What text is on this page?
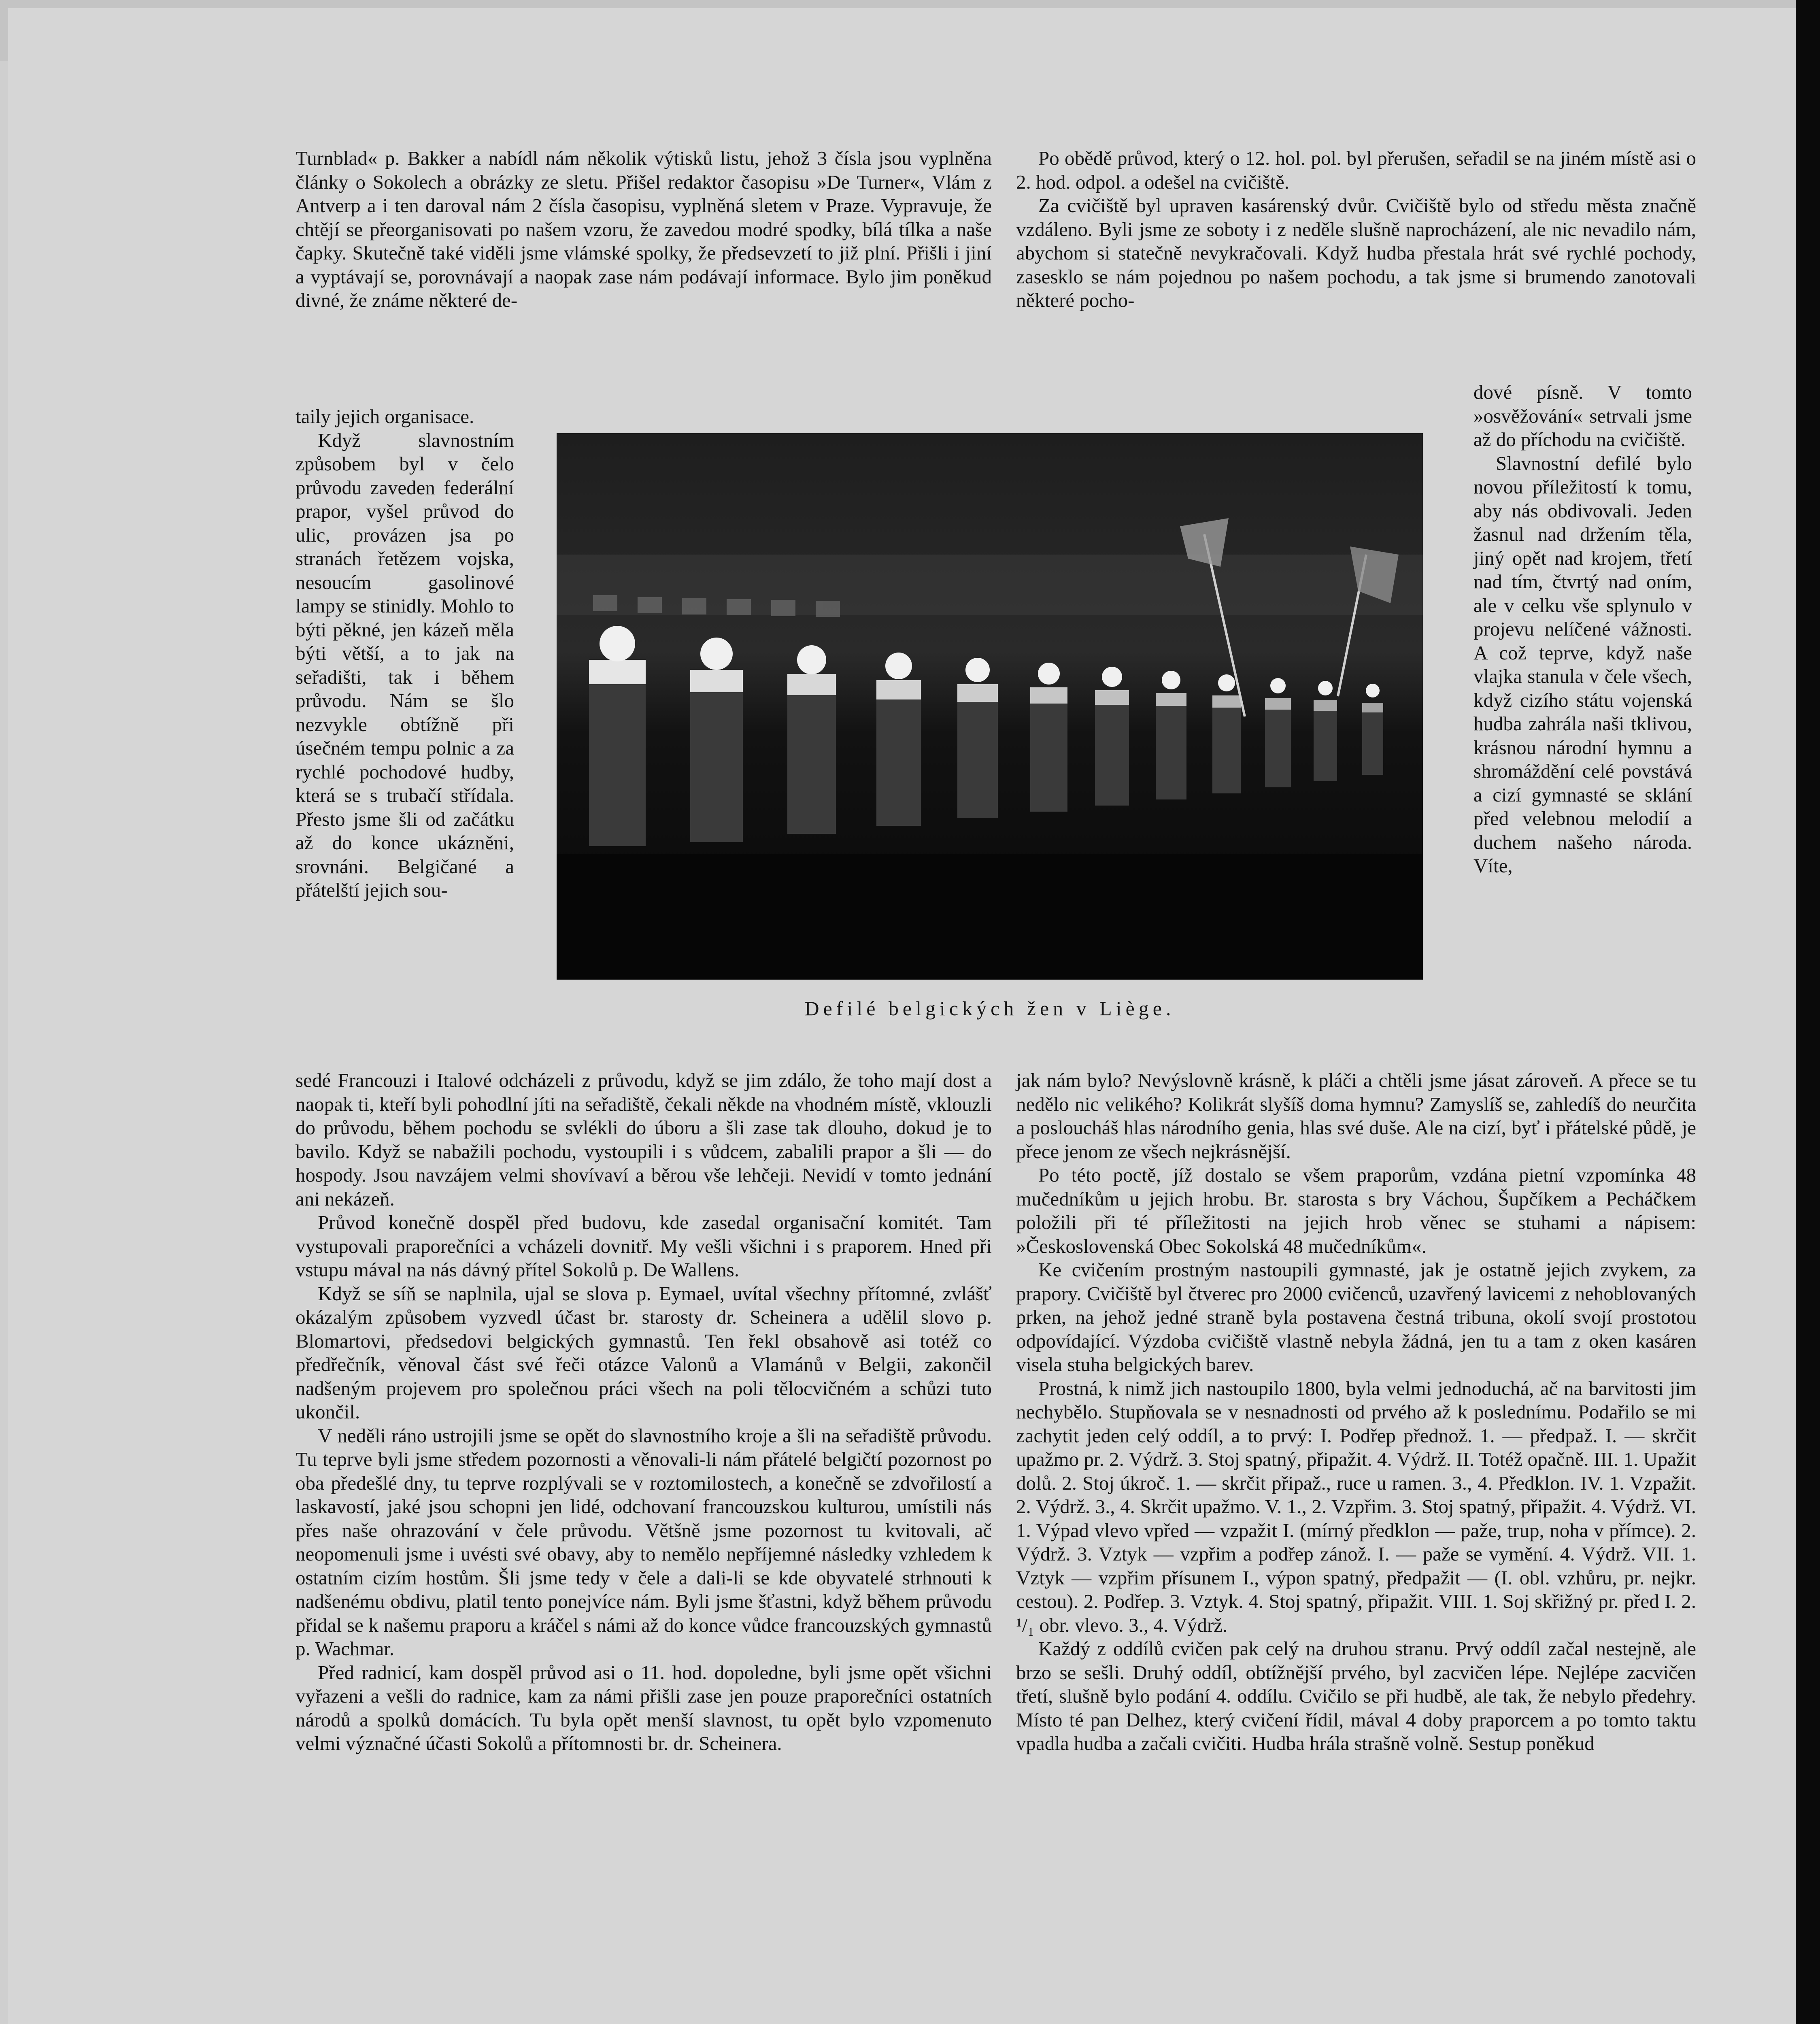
Turnblad« p. Bakker a nabídl nám několik výtisků listu, jehož 3 čísla jsou vyplněna články o Sokolech a obrázky ze sletu. Přišel redaktor časopisu »De Turner«, Vlám z Antverp a i ten daroval nám 2 čísla časopisu, vyplněná sletem v Praze. Vypravuje, že chtějí se přeorganisovati po našem vzoru, že zavedou modré spodky, bílá tílka a naše čapky. Skutečně také viděli jsme vlámské spolky, že předsevzetí to již plní. Přišli i jiní a vyptávají se, porovnávají a naopak zase nám podávají informace. Bylo jim poněkud divné, že známe některé de-

taily jejich organisace.

Když slavnostním způsobem byl v čelo průvodu zaveden federální prapor, vyšel průvod do ulic, provázen jsa po stranách řetězem vojska, nesoucím gasolinové lampy se stinidly. Mohlo to býti pěkné, jen kázeň měla býti větší, a to jak na seřadišti, tak i během průvodu. Nám se šlo nezvykle obtížně při úsečném tempu polnic a za rychlé pochodové hudby, která se s trubačí střídala. Přesto jsme šli od začátku až do konce ukázněni, srovnáni. Belgičané a přátelští jejich sou-

Defilé belgických žen v Liège.

sedé Francouzi i Italové odcházeli z průvodu, když se jim zdálo, že toho mají dost a naopak ti, kteří byli pohodlní jíti na seřadiště, čekali někde na vhodném místě, vklouzli do průvodu, během pochodu se svlékli do úboru a šli zase tak dlouho, dokud je to bavilo. Když se nabažili pochodu, vystoupili i s vůdcem, zabalili prapor a šli — do hospody. Jsou navzájem velmi shovívaví a běrou vše lehčeji. Nevidí v tomto jednání ani nekázeň.

Průvod konečně dospěl před budovu, kde zasedal organisační komitét. Tam vystupovali praporečníci a vcházeli dovnitř. My vešli všichni i s praporem. Hned při vstupu mával na nás dávný přítel Sokolů p. De Wallens.

Když se síň se naplnila, ujal se slova p. Eymael, uvítal všechny přítomné, zvlášť okázalým způsobem vyzvedl účast br. starosty dr. Scheinera a udělil slovo p. Blomartovi, předsedovi belgických gymnastů. Ten řekl obsahově asi totéž co předřečník, věnoval část své řeči otázce Valonů a Vlamánů v Belgii, zakončil nadšeným projevem pro společnou práci všech na poli tělocvičném a schůzi tuto ukončil.

V neděli ráno ustrojili jsme se opět do slavnostního kroje a šli na seřadiště průvodu. Tu teprve byli jsme středem pozornosti a věnovali-li nám přátelé belgičtí pozornost po oba předešlé dny, tu teprve rozplývali se v roztomilostech, a konečně se zdvořilostí a laskavostí, jaké jsou schopni jen lidé, odchovaní francouzskou kulturou, umístili nás přes naše ohrazování v čele průvodu. Většně jsme pozornost tu kvitovali, ač neopomenuli jsme i uvésti své obavy, aby to nemělo nepříjemné následky vzhledem k ostatním cizím hostům. Šli jsme tedy v čele a dali-li se kde obyvatelé strhnouti k nadšenému obdivu, platil tento ponejvíce nám. Byli jsme šťastni, když během průvodu přidal se k našemu praporu a kráčel s námi až do konce vůdce francouzských gymnastů p. Wachmar.

Před radnicí, kam dospěl průvod asi o 11. hod. dopoledne, byli jsme opět všichni vyřazeni a vešli do radnice, kam za námi přišli zase jen pouze praporečníci ostatních národů a spolků domácích. Tu byla opět menší slavnost, tu opět bylo vzpomenuto velmi význačné účasti Sokolů a přítomnosti br. dr. Scheinera.

Po obědě průvod, který o 12. hol. pol. byl přerušen, seřadil se na jiném místě asi o 2. hod. odpol. a odešel na cvičiště.

Za cvičiště byl upraven kasárenský dvůr. Cvičiště bylo od středu města značně vzdáleno. Byli jsme ze soboty i z neděle slušně naprocházení, ale nic nevadilo nám, abychom si statečně nevykračovali. Když hudba přestala hrát své rychlé pochody, zasesklo se nám pojednou po našem pochodu, a tak jsme si brumendo zanotovali některé pocho-

dové písně. V tomto »osvěžování« setrvali jsme až do příchodu na cvičiště.

Slavnostní defilé bylo novou příležitostí k tomu, aby nás obdivovali. Jeden žasnul nad držením těla, jiný opět nad krojem, třetí nad tím, čtvrtý nad oním, ale v celku vše splynulo v projevu nelíčené vážnosti. A což teprve, když naše vlajka stanula v čele všech, když cizího státu vojenská hudba zahrála naši tklivou, krásnou národní hymnu a shromáždění celé povstává a cizí gymnasté se sklání před velebnou melodií a duchem našeho národa. Víte,

jak nám bylo? Nevýslovně krásně, k pláči a chtěli jsme jásat zároveň. A přece se tu nedělo nic velikého? Kolikrát slyšíš doma hymnu? Zamyslíš se, zahledíš do neurčita a posloucháš hlas národního genia, hlas své duše. Ale na cizí, byť i přátelské půdě, je přece jenom ze všech nejkrásnější.

Po této poctě, jíž dostalo se všem praporům, vzdána pietní vzpomínka 48 mučedníkům u jejich hrobu. Br. starosta s bry Váchou, Šupčíkem a Pecháčkem položili při té příležitosti na jejich hrob věnec se stuhami a nápisem: »Československá Obec Sokolská 48 mučedníkům«.

Ke cvičením prostným nastoupili gymnasté, jak je ostatně jejich zvykem, za prapory. Cvičiště byl čtverec pro 2000 cvičenců, uzavřený lavicemi z nehoblovaných prken, na jehož jedné straně byla postavena čestná tribuna, okolí svojí prostotou odpovídající. Výzdoba cvičiště vlastně nebyla žádná, jen tu a tam z oken kasáren visela stuha belgických barev.

Prostná, k nimž jich nastoupilo 1800, byla velmi jednoduchá, ač na barvitosti jim nechybělo. Stupňovala se v nesnadnosti od prvého až k poslednímu. Podařilo se mi zachytit jeden celý oddíl, a to prvý: I. Podřep přednož. 1. — předpaž. I. — skrčit upažmo pr. 2. Výdrž. 3. Stoj spatný, připažit. 4. Výdrž. II. Totéž opačně. III. 1. Upažit dolů. 2. Stoj úkroč. 1. — skrčit připaž., ruce u ramen. 3., 4. Předklon. IV. 1. Vzpažit. 2. Výdrž. 3., 4. Skrčit upažmo. V. 1., 2. Vzpřim. 3. Stoj spatný, připažit. 4. Výdrž. VI. 1. Výpad vlevo vpřed — vzpažit I. (mírný předklon — paže, trup, noha v přímce). 2. Výdrž. 3. Vztyk — vzpřim a podřep zánož. I. — paže se vymění. 4. Výdrž. VII. 1. Vztyk — vzpřim přísunem I., výpon spatný, předpažit — (I. obl. vzhůru, pr. nejkr. cestou). 2. Podřep. 3. Vztyk. 4. Stoj spatný, připažit. VIII. 1. Soj skřižný pr. před I. 2. ¹/₁ obr. vlevo. 3., 4. Výdrž.

Každý z oddílů cvičen pak celý na druhou stranu. Prvý oddíl začal nestejně, ale brzo se sešli. Druhý oddíl, obtížnější prvého, byl zacvičen lépe. Nejlépe zacvičen třetí, slušně bylo podání 4. oddílu. Cvičilo se při hudbě, ale tak, že nebylo předehry. Místo té pan Delhez, který cvičení řídil, mával 4 doby praporcem a po tomto taktu vpadla hudba a začali cvičiti. Hudba hrála strašně volně. Sestup poněkud
